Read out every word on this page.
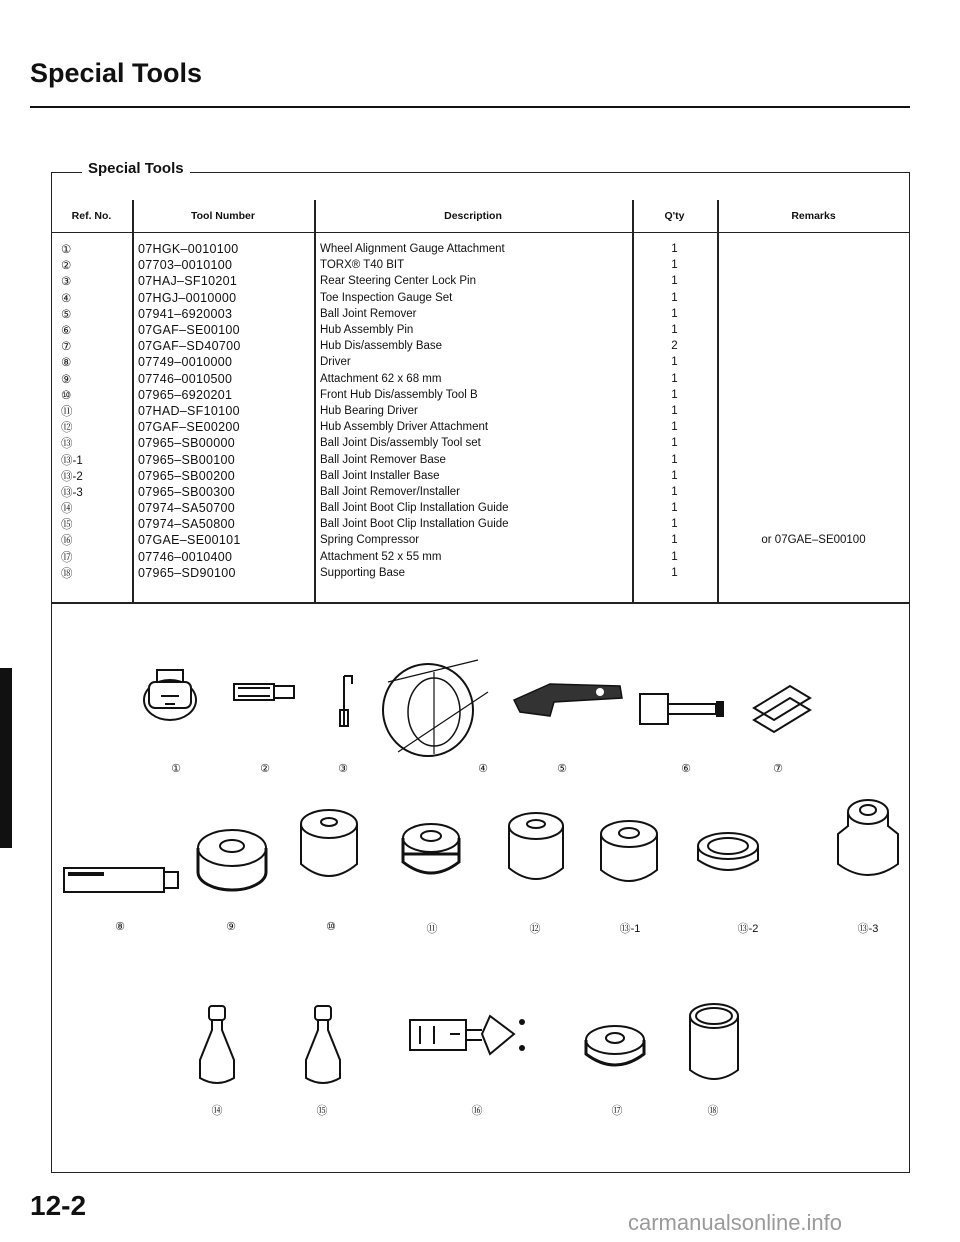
Special Tools
Special Tools
Ref. No.	Tool Number	Description	Q'ty	Remarks
①	07HGK–0010100	Wheel Alignment Gauge Attachment	1	
②	07703–0010100	TORX® T40 BIT	1	
③	07HAJ–SF10201	Rear Steering Center Lock Pin	1	
④	07HGJ–0010000	Toe Inspection Gauge Set	1	
⑤	07941–6920003	Ball Joint Remover	1	
⑥	07GAF–SE00100	Hub Assembly Pin	1	
⑦	07GAF–SD40700	Hub Dis/assembly Base	2	
⑧	07749–0010000	Driver	1	
⑨	07746–0010500	Attachment 62 x 68 mm	1	
⑩	07965–6920201	Front Hub Dis/assembly Tool B	1	
⑪	07HAD–SF10100	Hub Bearing Driver	1	
⑫	07GAF–SE00200	Hub Assembly Driver Attachment	1	
⑬	07965–SB00000	Ball Joint Dis/assembly Tool set	1	
⑬-1	07965–SB00100	Ball Joint Remover Base	1	
⑬-2	07965–SB00200	Ball Joint Installer Base	1	
⑬-3	07965–SB00300	Ball Joint Remover/Installer	1	
⑭	07974–SA50700	Ball Joint Boot Clip Installation Guide	1	
⑮	07974–SA50800	Ball Joint Boot Clip Installation Guide	1	
⑯	07GAE–SE00101	Spring Compressor	1	or 07GAE–SE00100
⑰	07746–0010400	Attachment 52 x 55 mm	1	
⑱	07965–SD90100	Supporting Base	1	
①	②	③	④	⑤	⑥	⑦
⑧	⑨	⑩	⑪	⑫	⑬-1	⑬-2	⑬-3
⑭	⑮	⑯	⑰	⑱
12-2
carmanualsonline.info
